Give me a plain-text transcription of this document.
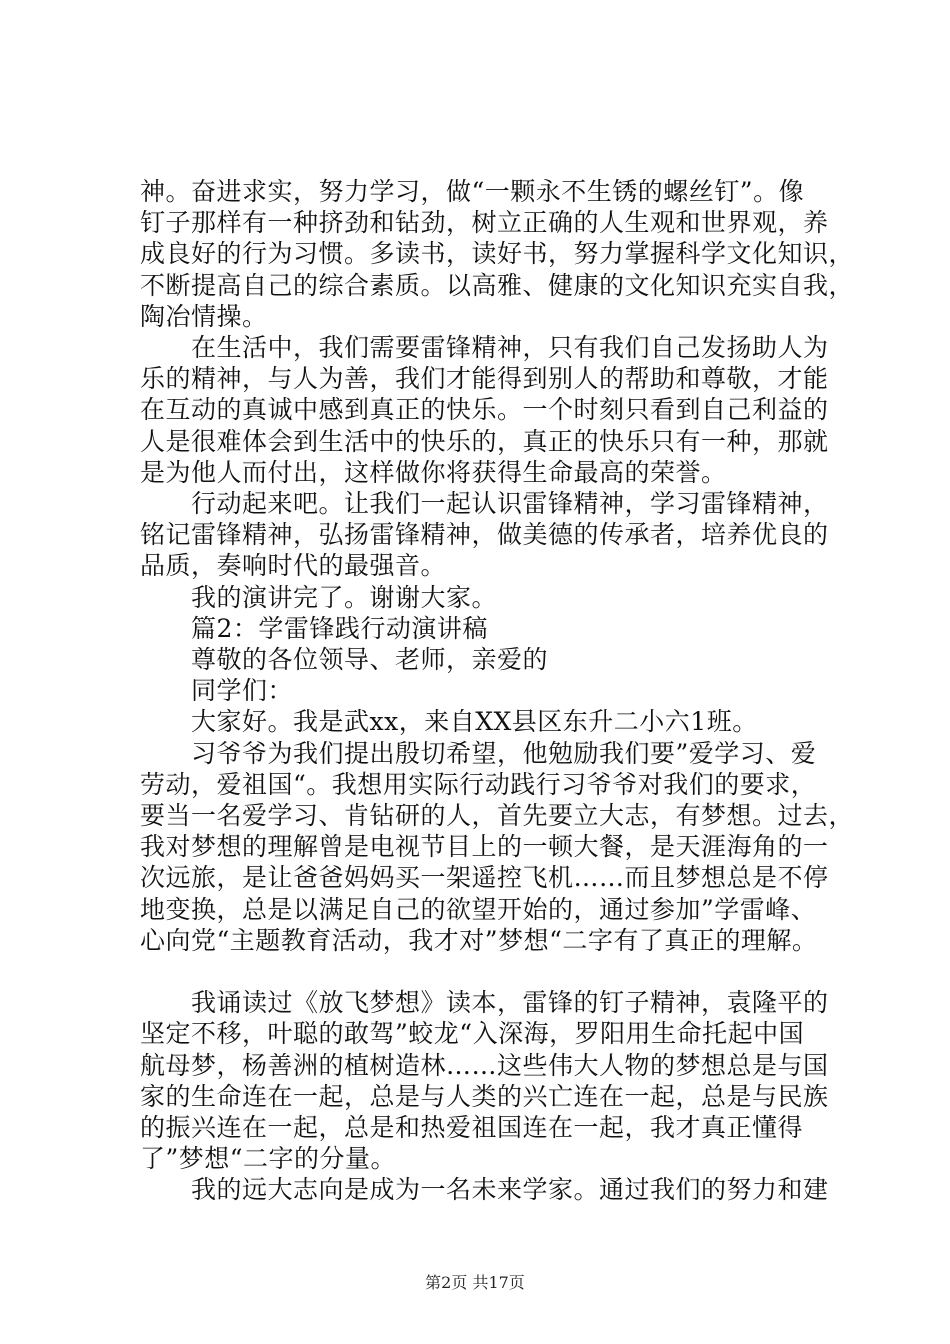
神。奋进求实，努力学习，做“一颗永不生锈的螺丝钉”。像
钉子那样有一种挤劲和钻劲，树立正确的人生观和世界观，养
成良好的行为习惯。多读书，读好书，努力掌握科学文化知识，
不断提高自己的综合素质。以高雅、健康的文化知识充实自我，
陶冶情操。
　　在生活中，我们需要雷锋精神，只有我们自己发扬助人为
乐的精神，与人为善，我们才能得到别人的帮助和尊敬，才能
在互动的真诚中感到真正的快乐。一个时刻只看到自己利益的
人是很难体会到生活中的快乐的，真正的快乐只有一种，那就
是为他人而付出，这样做你将获得生命最高的荣誉。
　　行动起来吧。让我们一起认识雷锋精神，学习雷锋精神，
铭记雷锋精神，弘扬雷锋精神，做美德的传承者，培养优良的
品质，奏响时代的最强音。
　　我的演讲完了。谢谢大家。
　　篇2：学雷锋践行动演讲稿
　　尊敬的各位领导、老师，亲爱的
　　同学们：
　　大家好。我是武xx，来自XX县区东升二小六1班。
　　习爷爷为我们提出殷切希望，他勉励我们要”爱学习、爱
劳动，爱祖国“。我想用实际行动践行习爷爷对我们的要求，
要当一名爱学习、肯钻研的人，首先要立大志，有梦想。过去，
我对梦想的理解曾是电视节目上的一顿大餐，是天涯海角的一
次远旅，是让爸爸妈妈买一架遥控飞机……而且梦想总是不停
地变换，总是以满足自己的欲望开始的，通过参加”学雷峰、
心向党“主题教育活动，我才对”梦想“二字有了真正的理解。
　　我诵读过《放飞梦想》读本，雷锋的钉子精神，袁隆平的
坚定不移，叶聪的敢驾”蛟龙“入深海，罗阳用生命托起中国
航母梦，杨善洲的植树造林……这些伟大人物的梦想总是与国
家的生命连在一起，总是与人类的兴亡连在一起，总是与民族
的振兴连在一起，总是和热爱祖国连在一起，我才真正懂得
了”梦想“二字的分量。
　　我的远大志向是成为一名未来学家。通过我们的努力和建
第2页 共17页
